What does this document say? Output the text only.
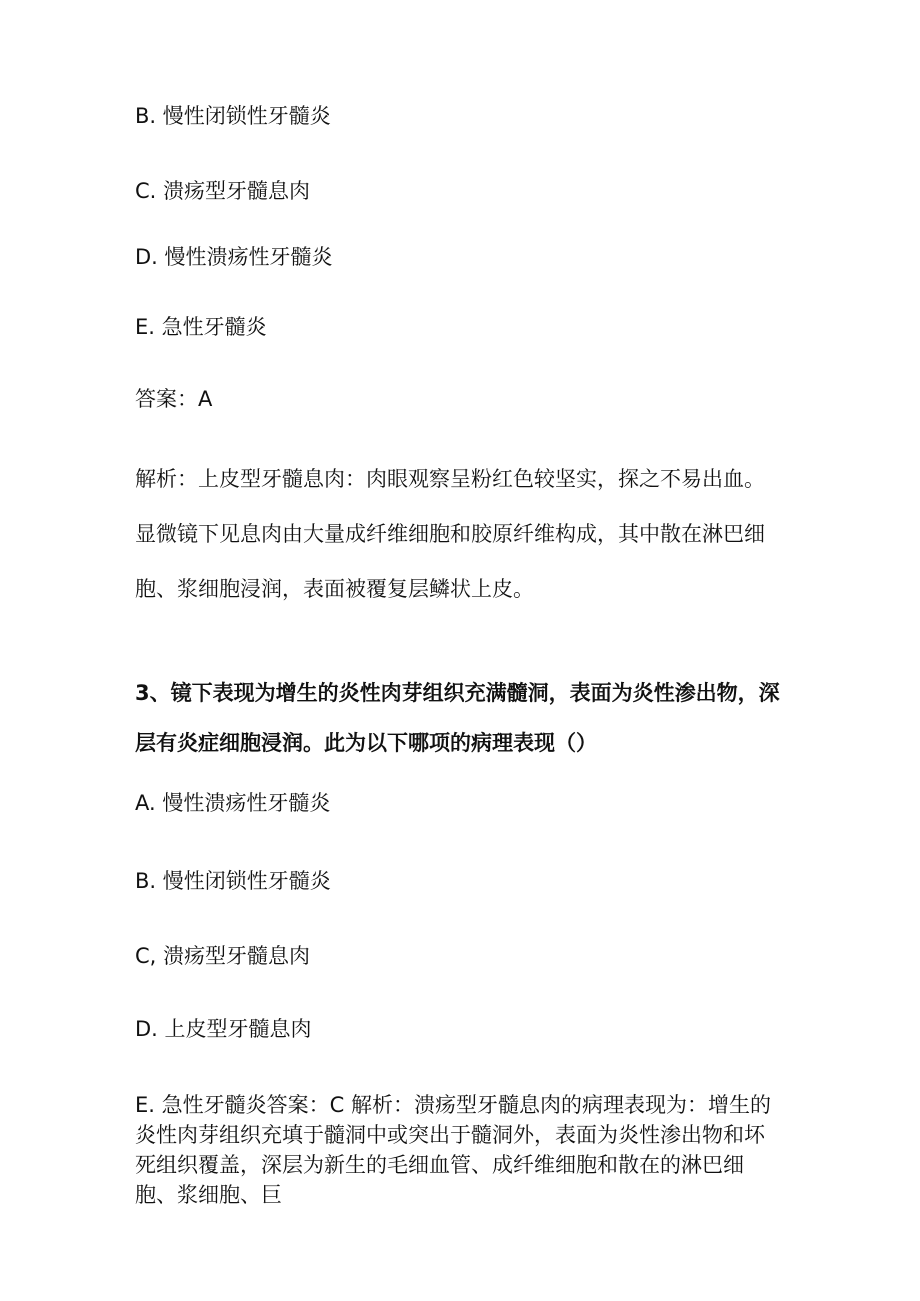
B. 慢性闭锁性牙髓炎

C. 溃疡型牙髓息肉

D. 慢性溃疡性牙髓炎

E. 急性牙髓炎

答案：A

解析：上皮型牙髓息肉：肉眼观察呈粉红色较坚实，探之不易出血。显微镜下见息肉由大量成纤维细胞和胶原纤维构成，其中散在淋巴细胞、浆细胞浸润，表面被覆复层鳞状上皮。

3、镜下表现为增生的炎性肉芽组织充满髓洞，表面为炎性渗出物，深层有炎症细胞浸润。此为以下哪项的病理表现（）

A. 慢性溃疡性牙髓炎

B. 慢性闭锁性牙髓炎

C, 溃疡型牙髓息肉

D. 上皮型牙髓息肉

E. 急性牙髓炎答案：C 解析：溃疡型牙髓息肉的病理表现为：增生的炎性肉芽组织充填于髓洞中或突出于髓洞外，表面为炎性渗出物和坏死组织覆盖，深层为新生的毛细血管、成纤维细胞和散在的淋巴细胞、浆细胞、巨
